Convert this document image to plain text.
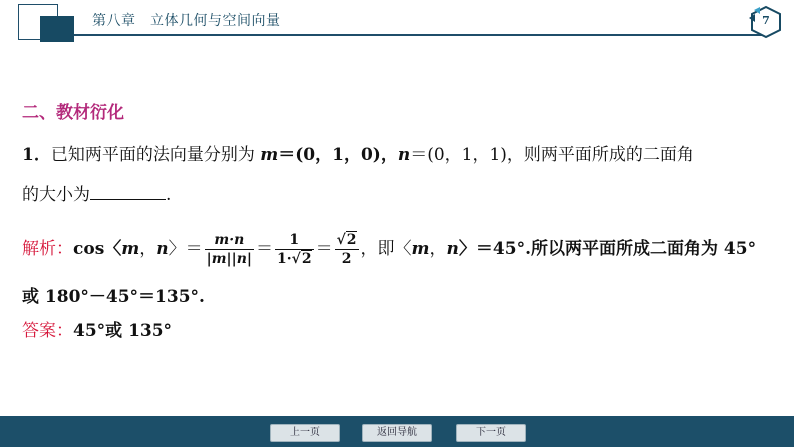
第八章　立体几何与空间向量	7
二、教材衍化
1．已知两平面的法向量分别为 m＝(0，1，0)，n＝(0，1，1)，则两平面所成的二面角
的大小为	.
解析：cos〈m，n〉＝ $\frac{m\cdot n}{|m||n|} = \frac{1}{1\cdot√2} = \frac{√2}{2}$ ，即〈m，n〉＝45°.所以两平面所成二面角为 45°
或 180°－45°＝135°.
答案：45°或 135°
上一页	返回导航	下一页
